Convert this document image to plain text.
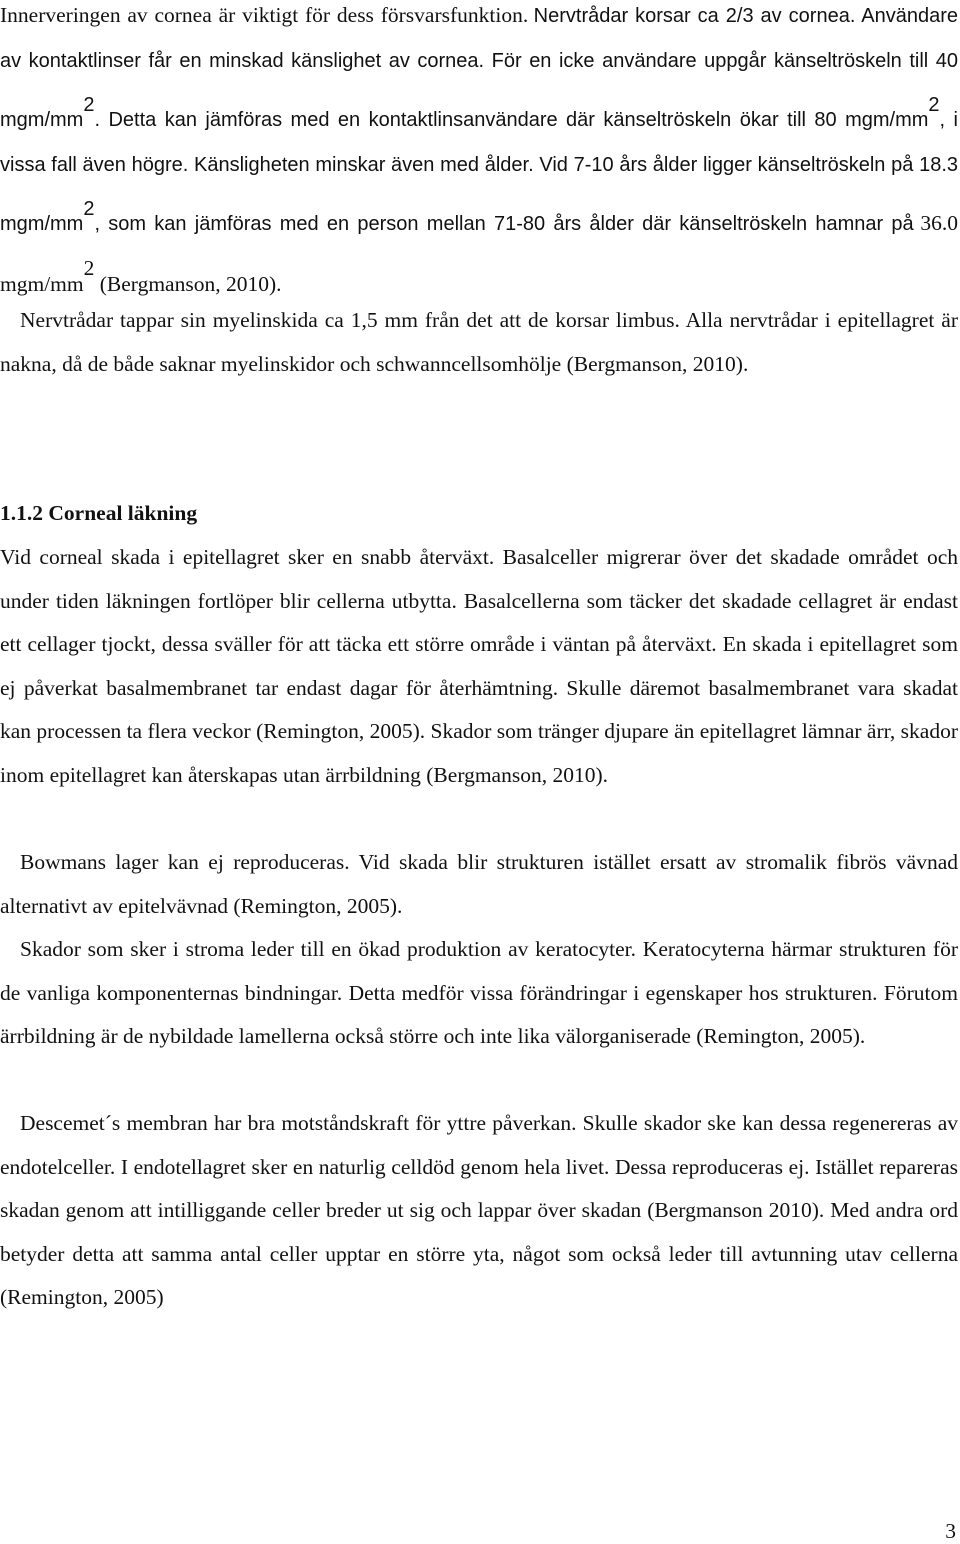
Innerveringen av cornea är viktigt för dess försvarsfunktion. Nervtrådar korsar ca 2/3 av cornea. Användare av kontaktlinser får en minskad känslighet av cornea. För en icke användare uppgår känseltröskeln till 40 mgm/$mm^2$. Detta kan jämföras med en kontaktlinsanvändare där känseltröskeln ökar till 80 mgm/$mm^2$, i vissa fall även högre. Känsligheten minskar även med ålder. Vid 7-10 års ålder ligger känseltröskeln på 18.3 mgm/$mm^2$, som kan jämföras med en person mellan 71-80 års ålder där känseltröskeln hamnar på 36.0 mgm/$mm^2$ (Bergmanson, 2010).

Nervtrådar tappar sin myelinskida ca 1,5 mm från det att de korsar limbus. Alla nervtrådar i epitellagret är nakna, då de både saknar myelinskidor och schwanncellsomhölje (Bergmanson, 2010).

1.1.2 Corneal läkning

Vid corneal skada i epitellagret sker en snabb återväxt. Basalceller migrerar över det skadade området och under tiden läkningen fortlöper blir cellerna utbytta. Basalcellerna som täcker det skadade cellagret är endast ett cellager tjockt, dessa sväller för att täcka ett större område i väntan på återväxt. En skada i epitellagret som ej påverkat basalmembranet tar endast dagar för återhämtning. Skulle däremot basalmembranet vara skadat kan processen ta flera veckor (Remington, 2005). Skador som tränger djupare än epitellagret lämnar ärr, skador inom epitellagret kan återskapas utan ärrbildning (Bergmanson, 2010).

Bowmans lager kan ej reproduceras. Vid skada blir strukturen istället ersatt av stromalik fibrös vävnad alternativt av epitelvävnad (Remington, 2005).

Skador som sker i stroma leder till en ökad produktion av keratocyter. Keratocyterna härmar strukturen för de vanliga komponenternas bindningar. Detta medför vissa förändringar i egenskaper hos strukturen. Förutom ärrbildning är de nybildade lamellerna också större och inte lika välorganiserade (Remington, 2005).

Descemet´s membran har bra motståndskraft för yttre påverkan. Skulle skador ske kan dessa regenereras av endotelceller. I endotellagret sker en naturlig celldöd genom hela livet. Dessa reproduceras ej. Istället repareras skadan genom att intilliggande celler breder ut sig och lappar över skadan (Bergmanson 2010). Med andra ord betyder detta att samma antal celler upptar en större yta, något som också leder till avtunning utav cellerna (Remington, 2005)

3
